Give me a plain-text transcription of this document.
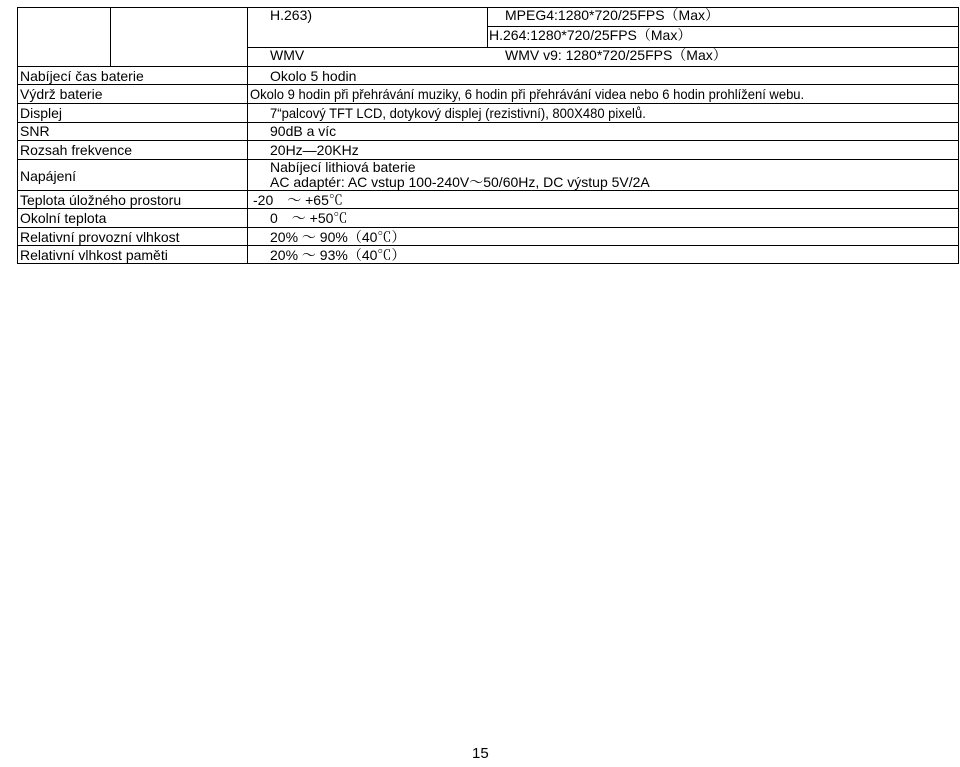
H.263)	MPEG4:1280*720/25FPS（Max）
H.264:1280*720/25FPS（Max）
WMV	WMV v9: 1280*720/25FPS（Max）
Nabíjecí čas baterie
Výdrž baterie
Displej
SNR
Rozsah frekvence
Napájení
Teplota úložného prostoru
Okolní teplota
Relativní provozní vlhkost
Relativní vlhkost paměti
Okolo 5 hodin
Okolo 9 hodin při přehrávání muziky, 6 hodin při přehrávání videa nebo 6 hodin prohlížení webu.
7“palcový TFT LCD, dotykový displej (rezistivní), 800X480 pixelů.
90dB a víc
20Hz—20KHz
Nabíjecí lithiová baterie
AC adaptér: AC vstup 100-240V～50/60Hz, DC výstup 5V/2A
-20　～ +65℃
0　～ +50℃
20% ～ 90%（40℃）
20% ～ 93%（40℃）
15
